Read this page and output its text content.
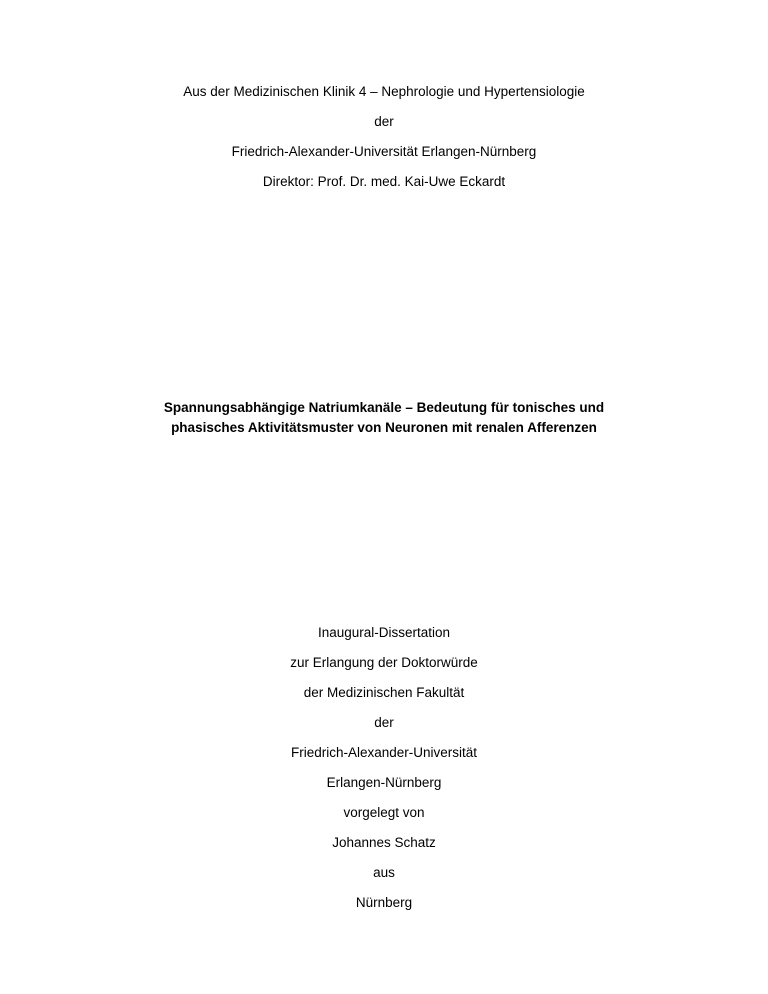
Aus der Medizinischen Klinik 4 – Nephrologie und Hypertensiologie
der
Friedrich-Alexander-Universität Erlangen-Nürnberg
Direktor: Prof. Dr. med. Kai-Uwe Eckardt
Spannungsabhängige Natriumkanäle – Bedeutung für tonisches und
phasisches Aktivitätsmuster von Neuronen mit renalen Afferenzen
Inaugural-Dissertation
zur Erlangung der Doktorwürde
der Medizinischen Fakultät
der
Friedrich-Alexander-Universität
Erlangen-Nürnberg
vorgelegt von
Johannes Schatz
aus
Nürnberg
